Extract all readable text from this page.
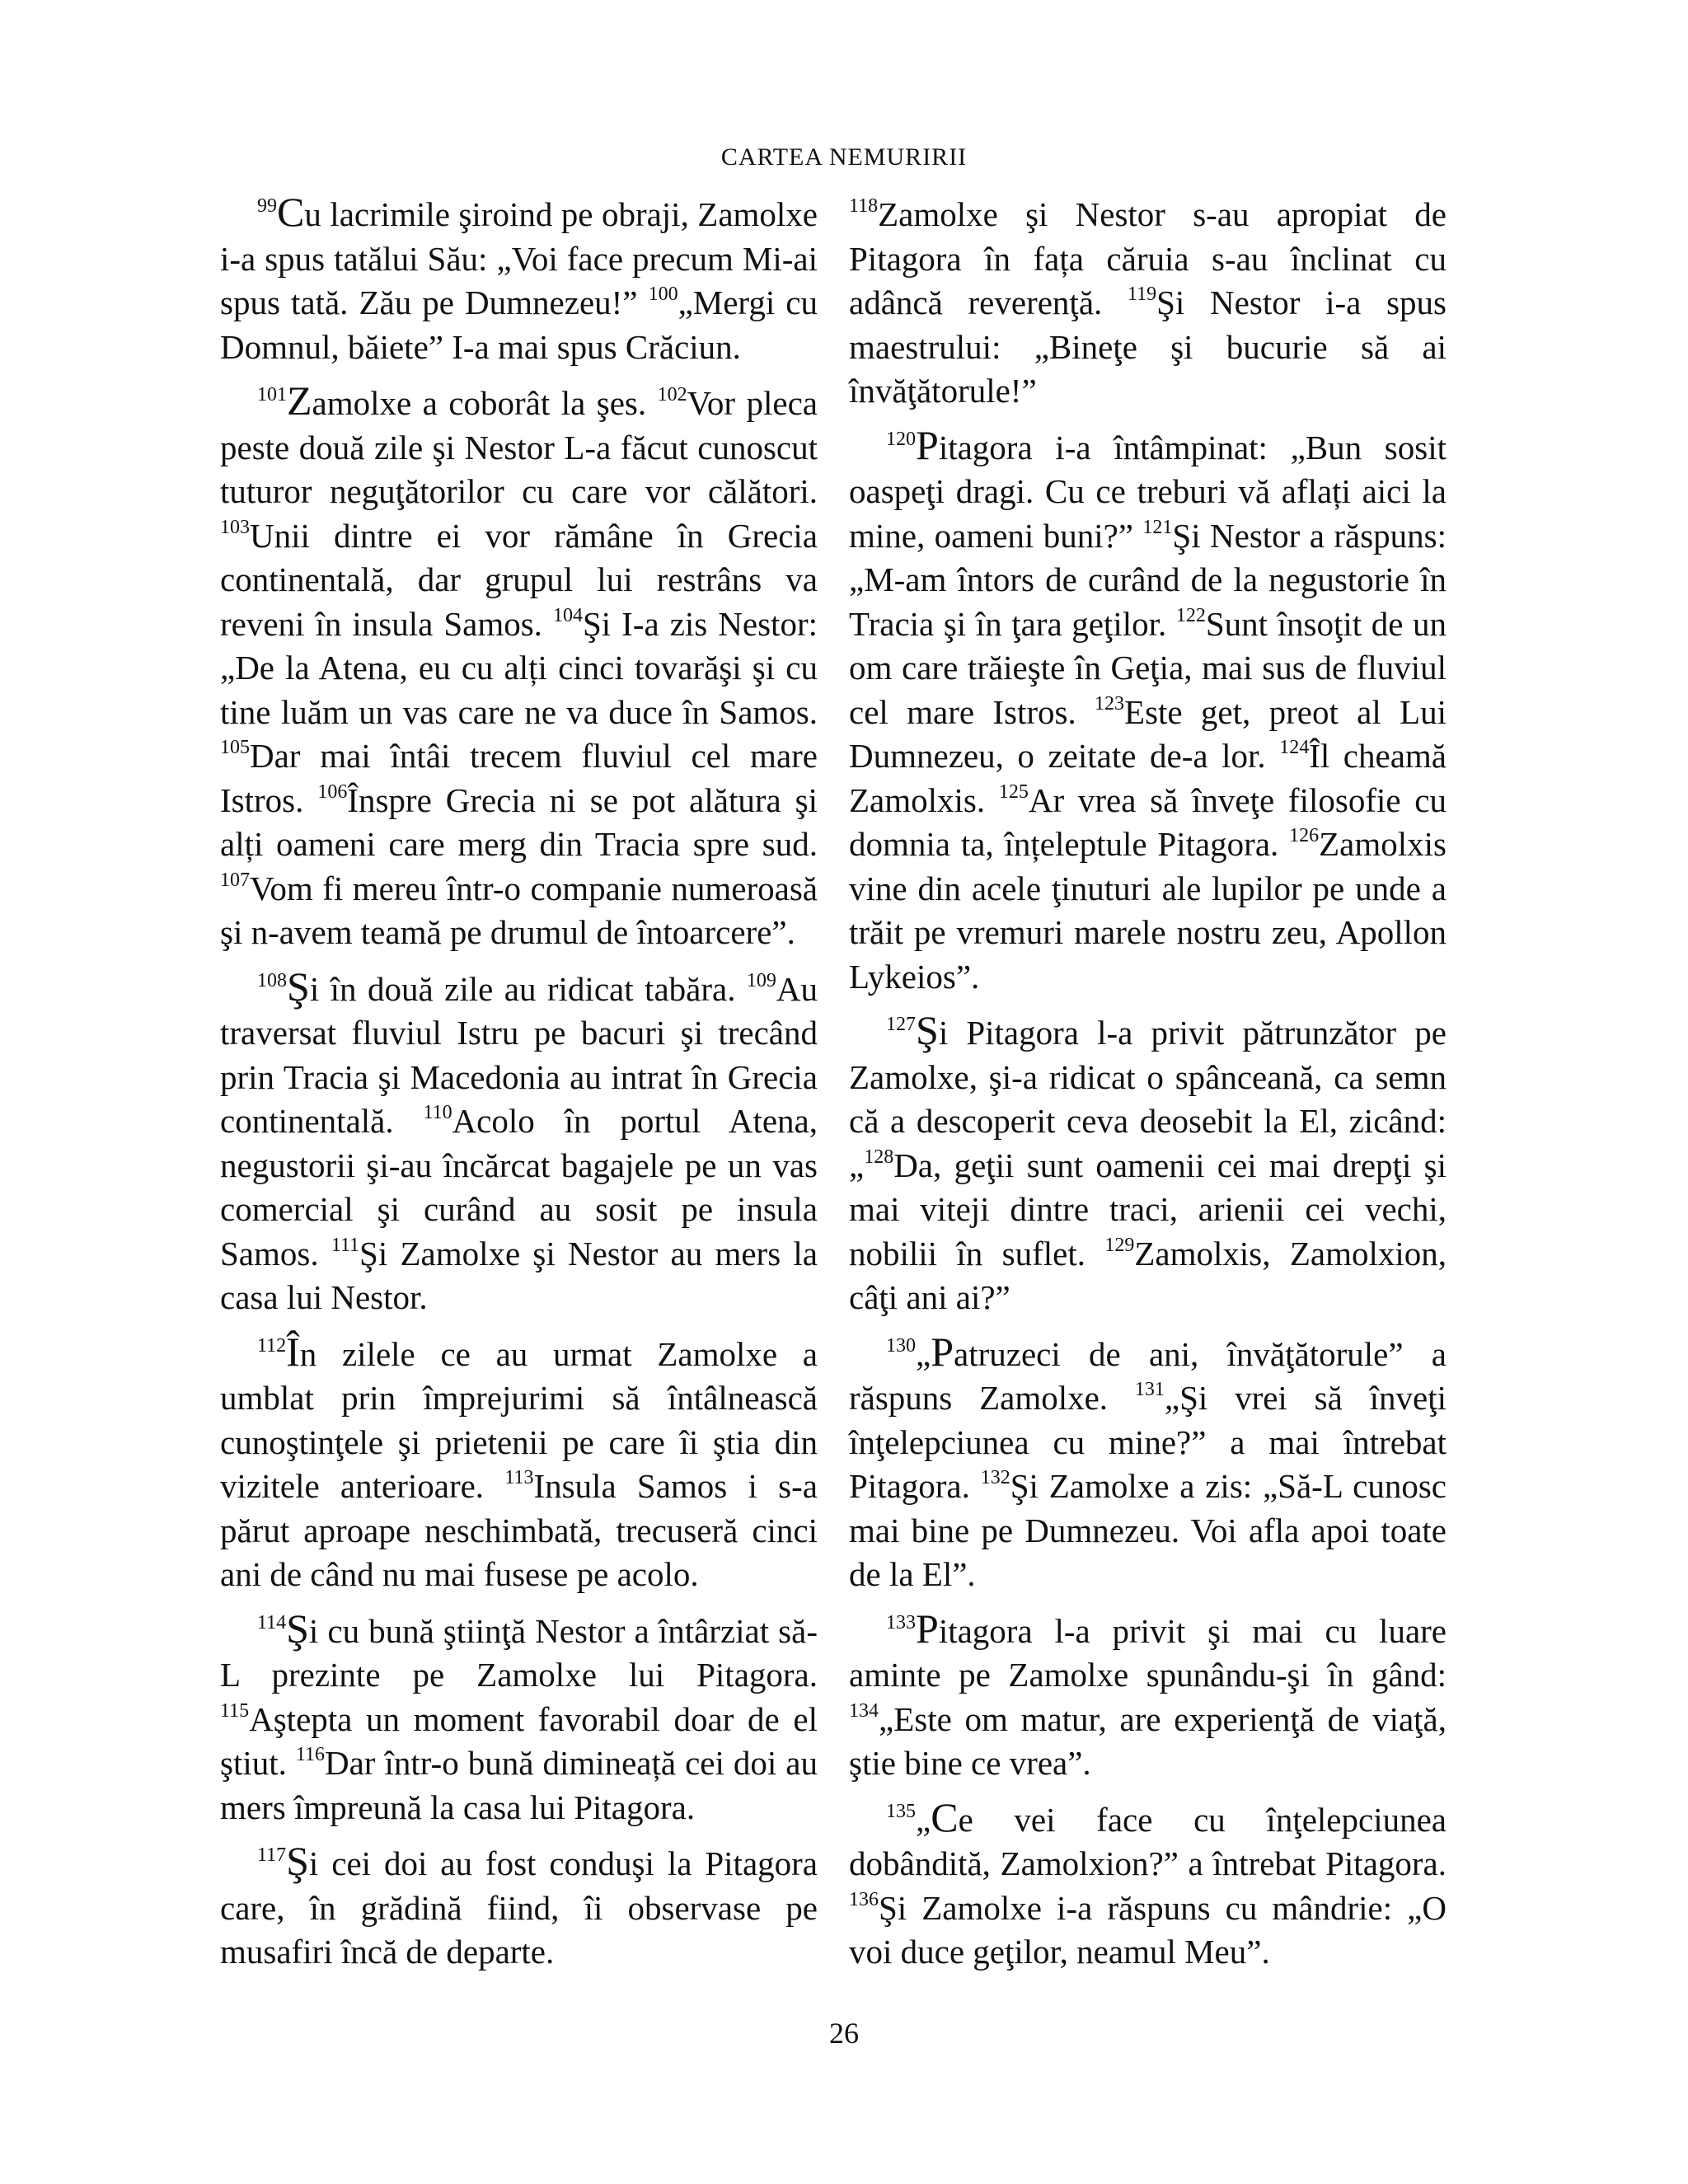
CARTEA NEMURIRII

$^{99}$Cu lacrimile şiroind pe obraji, Zamolxe i-a spus tatălui Său: „Voi face precum Mi-ai spus tată. Zău pe Dumnezeu!” $^{100}$„Mergi cu Domnul, băiete” I-a mai spus Crăciun.

$^{101}$Zamolxe a coborât la şes. $^{102}$Vor pleca peste două zile şi Nestor L-a făcut cunoscut tuturor neguţătorilor cu care vor călători. $^{103}$Unii dintre ei vor rămâne în Grecia continentală, dar grupul lui restrâns va reveni în insula Samos. $^{104}$Şi I-a zis Nestor: „De la Atena, eu cu alți cinci tovarăşi şi cu tine luăm un vas care ne va duce în Samos. $^{105}$Dar mai întâi trecem fluviul cel mare Istros. $^{106}$Înspre Grecia ni se pot alătura şi alți oameni care merg din Tracia spre sud. $^{107}$Vom fi mereu într-o companie numeroasă şi n-avem teamă pe drumul de întoarcere”.

$^{108}$Şi în două zile au ridicat tabăra. $^{109}$Au traversat fluviul Istru pe bacuri şi trecând prin Tracia şi Macedonia au intrat în Grecia continentală. $^{110}$Acolo în portul Atena, negustorii şi-au încărcat bagajele pe un vas comercial şi curând au sosit pe insula Samos. $^{111}$Şi Zamolxe şi Nestor au mers la casa lui Nestor.

$^{112}$În zilele ce au urmat Zamolxe a umblat prin împrejurimi să întâlnească cunoştinţele şi prietenii pe care îi ştia din vizitele anterioare. $^{113}$Insula Samos i s-a părut aproape neschimbată, trecuseră cinci ani de când nu mai fusese pe acolo.

$^{114}$Şi cu bună ştiinţă Nestor a întârziat să-L prezinte pe Zamolxe lui Pitagora. $^{115}$Aştepta un moment favorabil doar de el ştiut. $^{116}$Dar într-o bună dimineață cei doi au mers împreună la casa lui Pitagora.

$^{117}$Şi cei doi au fost conduşi la Pitagora care, în grădină fiind, îi observase pe musafiri încă de departe.

$^{118}$Zamolxe şi Nestor s-au apropiat de Pitagora în fața căruia s-au înclinat cu adâncă reverenţă. $^{119}$Şi Nestor i-a spus maestrului: „Bineţe şi bucurie să ai învăţătorule!”

$^{120}$Pitagora i-a întâmpinat: „Bun sosit oaspeţi dragi. Cu ce treburi vă aflați aici la mine, oameni buni?” $^{121}$Şi Nestor a răspuns: „M-am întors de curând de la negustorie în Tracia şi în ţara geţilor. $^{122}$Sunt însoţit de un om care trăieşte în Geţia, mai sus de fluviul cel mare Istros. $^{123}$Este get, preot al Lui Dumnezeu, o zeitate de-a lor. $^{124}$Îl cheamă Zamolxis. $^{125}$Ar vrea să înveţe filosofie cu domnia ta, înțeleptule Pitagora. $^{126}$Zamolxis vine din acele ţinuturi ale lupilor pe unde a trăit pe vremuri marele nostru zeu, Apollon Lykeios”.

$^{127}$Şi Pitagora l-a privit pătrunzător pe Zamolxe, şi-a ridicat o spânceană, ca semn că a descoperit ceva deosebit la El, zicând: „$^{128}$Da, geţii sunt oamenii cei mai drepţi şi mai viteji dintre traci, arienii cei vechi, nobilii în suflet. $^{129}$Zamolxis, Zamolxion, câţi ani ai?”

$^{130}$„Patruzeci de ani, învăţătorule” a răspuns Zamolxe. $^{131}$„Şi vrei să înveţi înţelepciunea cu mine?” a mai întrebat Pitagora. $^{132}$Şi Zamolxe a zis: „Să-L cunosc mai bine pe Dumnezeu. Voi afla apoi toate de la El”.

$^{133}$Pitagora l-a privit şi mai cu luare aminte pe Zamolxe spunându-şi în gând: $^{134}$„Este om matur, are experienţă de viaţă, ştie bine ce vrea”.

$^{135}$„Ce vei face cu înţelepciunea dobândită, Zamolxion?” a întrebat Pitagora. $^{136}$Şi Zamolxe i-a răspuns cu mândrie: „O voi duce geţilor, neamul Meu”.

26
